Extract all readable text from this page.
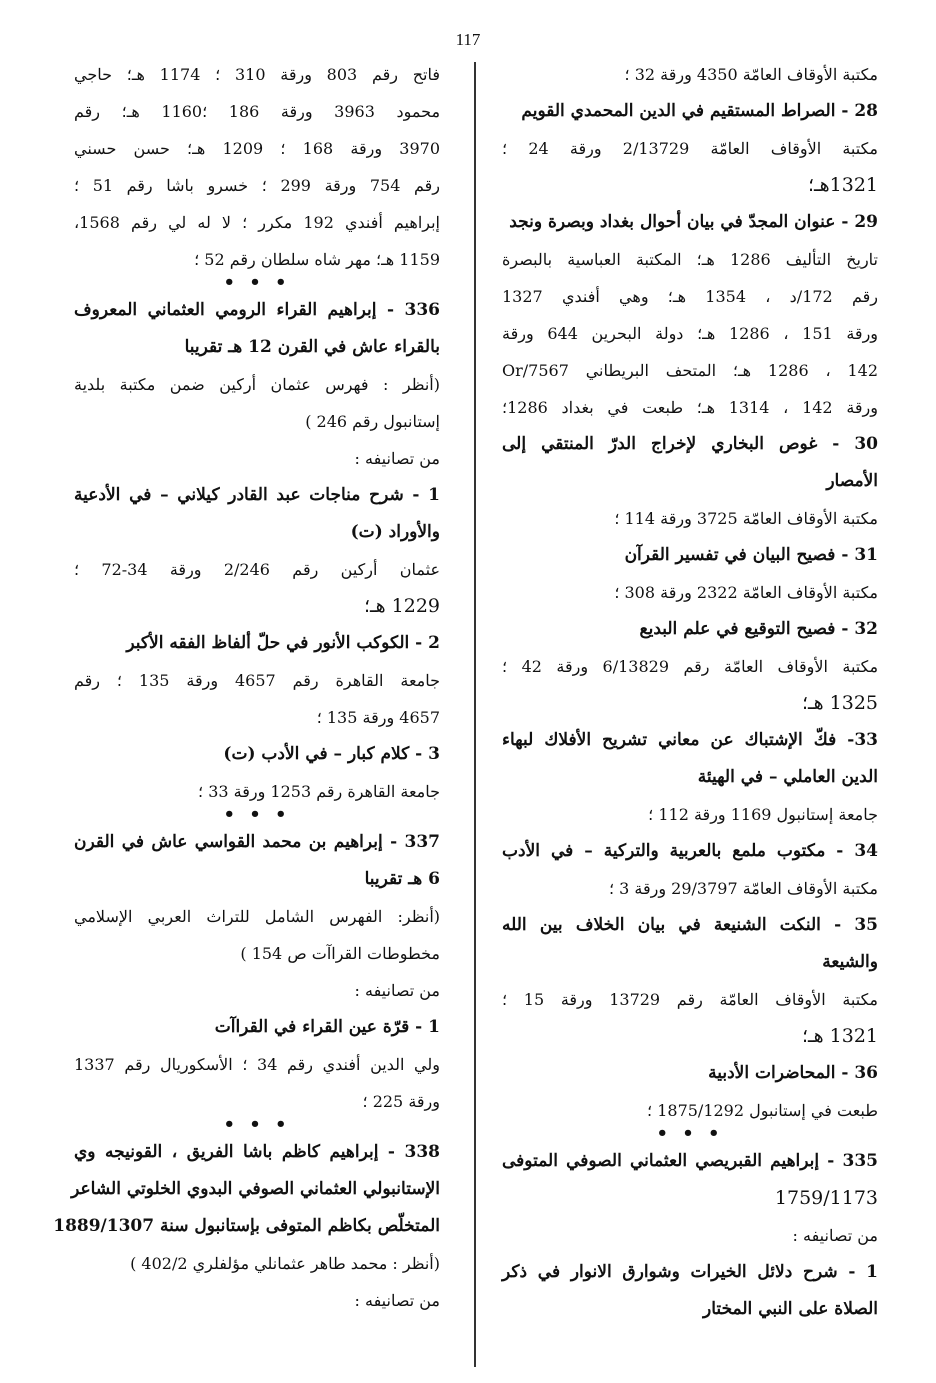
117
مكتبة الأوقاف العامّة 4350 ورقة 32 ؛
28 - الصراط المستقيم في الدين المحمدي القويم
مكتبة الأوقاف العامّة 2/13729 ورقة 24 ؛
1321هـ؛
29 - عنوان المجدّ في بيان أحوال بغداد وبصرة ونجد
تاريخ التأليف 1286 هـ؛ المكتبة العباسية بالبصرة
رقم 172/د ، 1354 هـ؛ وهي أفندي 1327
ورقة 151 ، 1286 هـ؛ دولة البحرين 644 ورقة
142 ، 1286 هـ؛ المتحف البريطاني 7567/Or
ورقة 142 ، 1314 هـ؛ طبعت في بغداد 1286؛
30 - غوص البخاري لإخراج الدرّ المنتقي إلى
الأمصار
مكتبة الأوقاف العامّة 3725 ورقة 114 ؛
31 - فصيح البيان في تفسير القرآن
مكتبة الأوقاف العامّة 2322 ورقة 308 ؛
32 - فصيح التوقيع في علم البديع
مكتبة الأوقاف العامّة رقم 6/13829 ورقة 42 ؛
1325 هـ؛
33- فكّ الإشتباك عن معاني تشريح الأفلاك لبهاء
الدين العاملي – في الهيئة
جامعة إستانبول 1169 ورقة 112 ؛
34 - مكتوب ملمع بالعربية والتركية – في الأدب
مكتبة الأوقاف العامّة 29/3797 ورقة 3 ؛
35 - النكت الشنيعة في بيان الخلاف بين الله
والشيعة
مكتبة الأوقاف العامّة رقم 13729 ورقة 15 ؛
1321 هـ؛
36 - المحاضرات الأدبية
طبعت في إستانبول 1875/1292 ؛
• • •
335 - إبراهيم القبريصي العثماني الصوفي المتوفى
1759/1173
من تصانيفه :
1 - شرح دلائل الخيرات وشوارق الانوار في ذكر
الصلاة على النبي المختار
فاتح رقم 803 ورقة 310 ؛ 1174 هـ؛ حاجي
محمود 3963 ورقة 186 ؛1160 هـ؛ رقم
3970 ورقة 168 ؛ 1209 هـ؛ حسن حسني
رقم 754 ورقة 299 ؛ خسرو باشا رقم 51 ؛
إبراهيم أفندي 192 مكرر ؛ لا له لي رقم 1568،
1159 هـ؛ مهر شاه سلطان رقم 52 ؛
• • •
336 - إبراهيم القراء الرومي العثماني المعروف
بالقراء عاش في القرن 12 هـ تقريبا
(أنظر : فهرس عثمان أركين ضمن مكتبة بلدية
إستانبول رقم 246 )
من تصانيفه :
1 - شرح مناجات عبد القادر كيلاني – في الأدعية
والأوراد (ت)
عثمان أركين رقم 2/246 ورقة 34-72 ؛
1229 هـ؛
2 - الكوكب الأنور في حلّ ألفاظ الفقه الأكبر
جامعة القاهرة رقم 4657 ورقة 135 ؛ رقم
4657 ورقة 135 ؛
3 - كلام كبار – في الأدب (ت)
جامعة القاهرة رقم 1253 ورقة 33 ؛
• • •
337 - إبراهيم بن محمد القواسي عاش في القرن
6 هـ تقريبا
(أنظر: الفهرس الشامل للتراث العربي الإسلامي
مخطوطات القراآت ص 154 )
من تصانيفه :
1 - قرّة عين القراء في القراآت
ولي الدين أفندي رقم 34 ؛ الأسكوريال رقم 1337
ورقة 225 ؛
• • •
338 - إبراهيم كاظم باشا الفريق ، القونيجه وي
الإستانبولي العثماني الصوفي البدوي الخلوتي الشاعر
المتخلّص بكاظم المتوفى بإستانبول سنة 1889/1307
(أنظر : محمد طاهر عثمانلي مؤلفلري 402/2 )
من تصانيفه :
